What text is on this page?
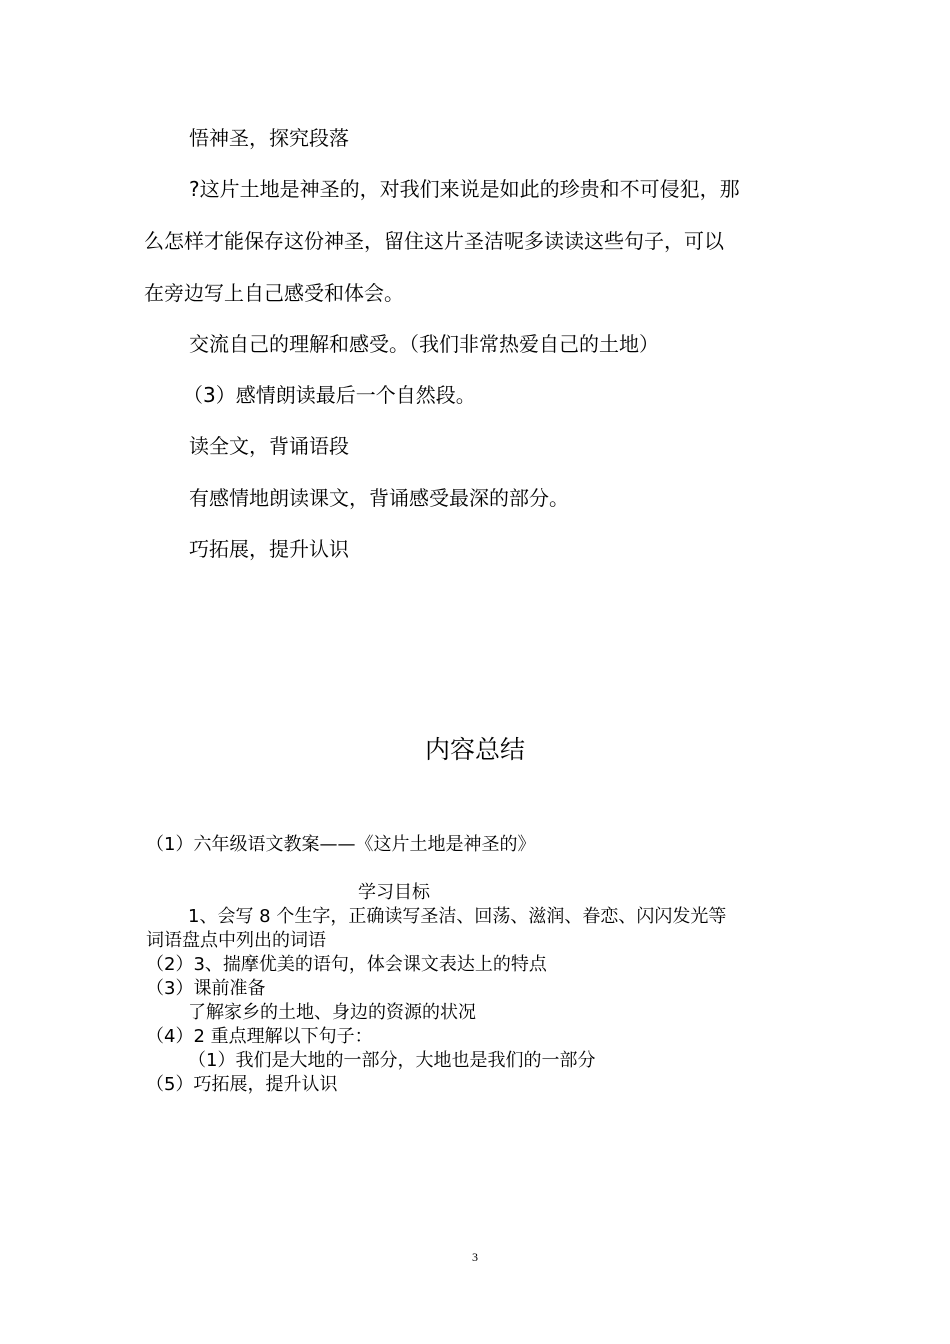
悟神圣，探究段落
?这片土地是神圣的，对我们来说是如此的珍贵和不可侵犯，那
么怎样才能保存这份神圣，留住这片圣洁呢多读读这些句子，可以
在旁边写上自己感受和体会。
交流自己的理解和感受。（我们非常热爱自己的土地）
（3）感情朗读最后一个自然段。
读全文，背诵语段
有感情地朗读课文，背诵感受最深的部分。
巧拓展，提升认识
内容总结
（1）六年级语文教案——《这片土地是神圣的》
学习目标
1、会写 8 个生字，正确读写圣洁、回荡、滋润、眷恋、闪闪发光等
词语盘点中列出的词语
（2）3、揣摩优美的语句，体会课文表达上的特点
（3）课前准备
了解家乡的土地、身边的资源的状况
（4）2 重点理解以下句子：
（1）我们是大地的一部分，大地也是我们的一部分
（5）巧拓展，提升认识
3
